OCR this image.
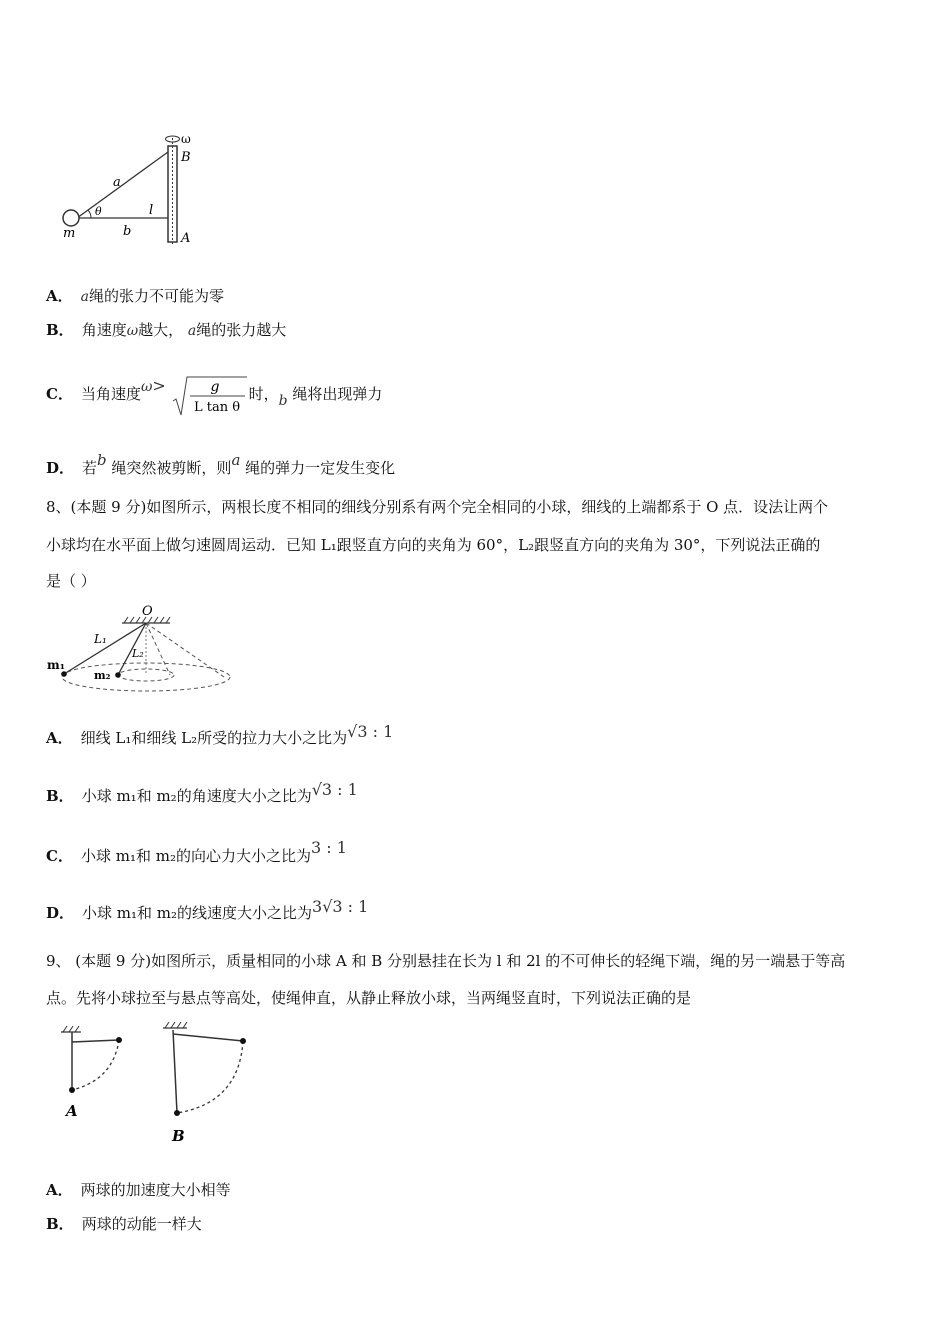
ω
B
a
θ	l
m	b	A
A． a绳的张力不可能为零
B． 角速度ω越大， a绳的张力越大
C． 当角速度ω>	g
L tan θ
时，b 绳将出现弹力
D． 若b 绳突然被剪断，则a 绳的弹力一定发生变化
8、(本题 9 分)如图所示，两根长度不相同的细线分别系有两个完全相同的小球，细线的上端都系于 O 点．设法让两个
小球均在水平面上做匀速圆周运动．已知 L₁跟竖直方向的夹角为 60°，L₂跟竖直方向的夹角为 30°，下列说法正确的
是（ ）
O
L₁
L₂
m₁
m₂
A． 细线 L₁和细线 L₂所受的拉力大小之比为√3 : 1
B． 小球 m₁和 m₂的角速度大小之比为√3 : 1
C． 小球 m₁和 m₂的向心力大小之比为3 : 1
D． 小球 m₁和 m₂的线速度大小之比为3√3 : 1
9、 (本题 9 分)如图所示，质量相同的小球 A 和 B 分别悬挂在长为 l 和 2l 的不可伸长的轻绳下端，绳的另一端悬于等高
点。先将小球拉至与悬点等高处，使绳伸直，从静止释放小球，当两绳竖直时，下列说法正确的是
A
B
A． 两球的加速度大小相等
B． 两球的动能一样大
